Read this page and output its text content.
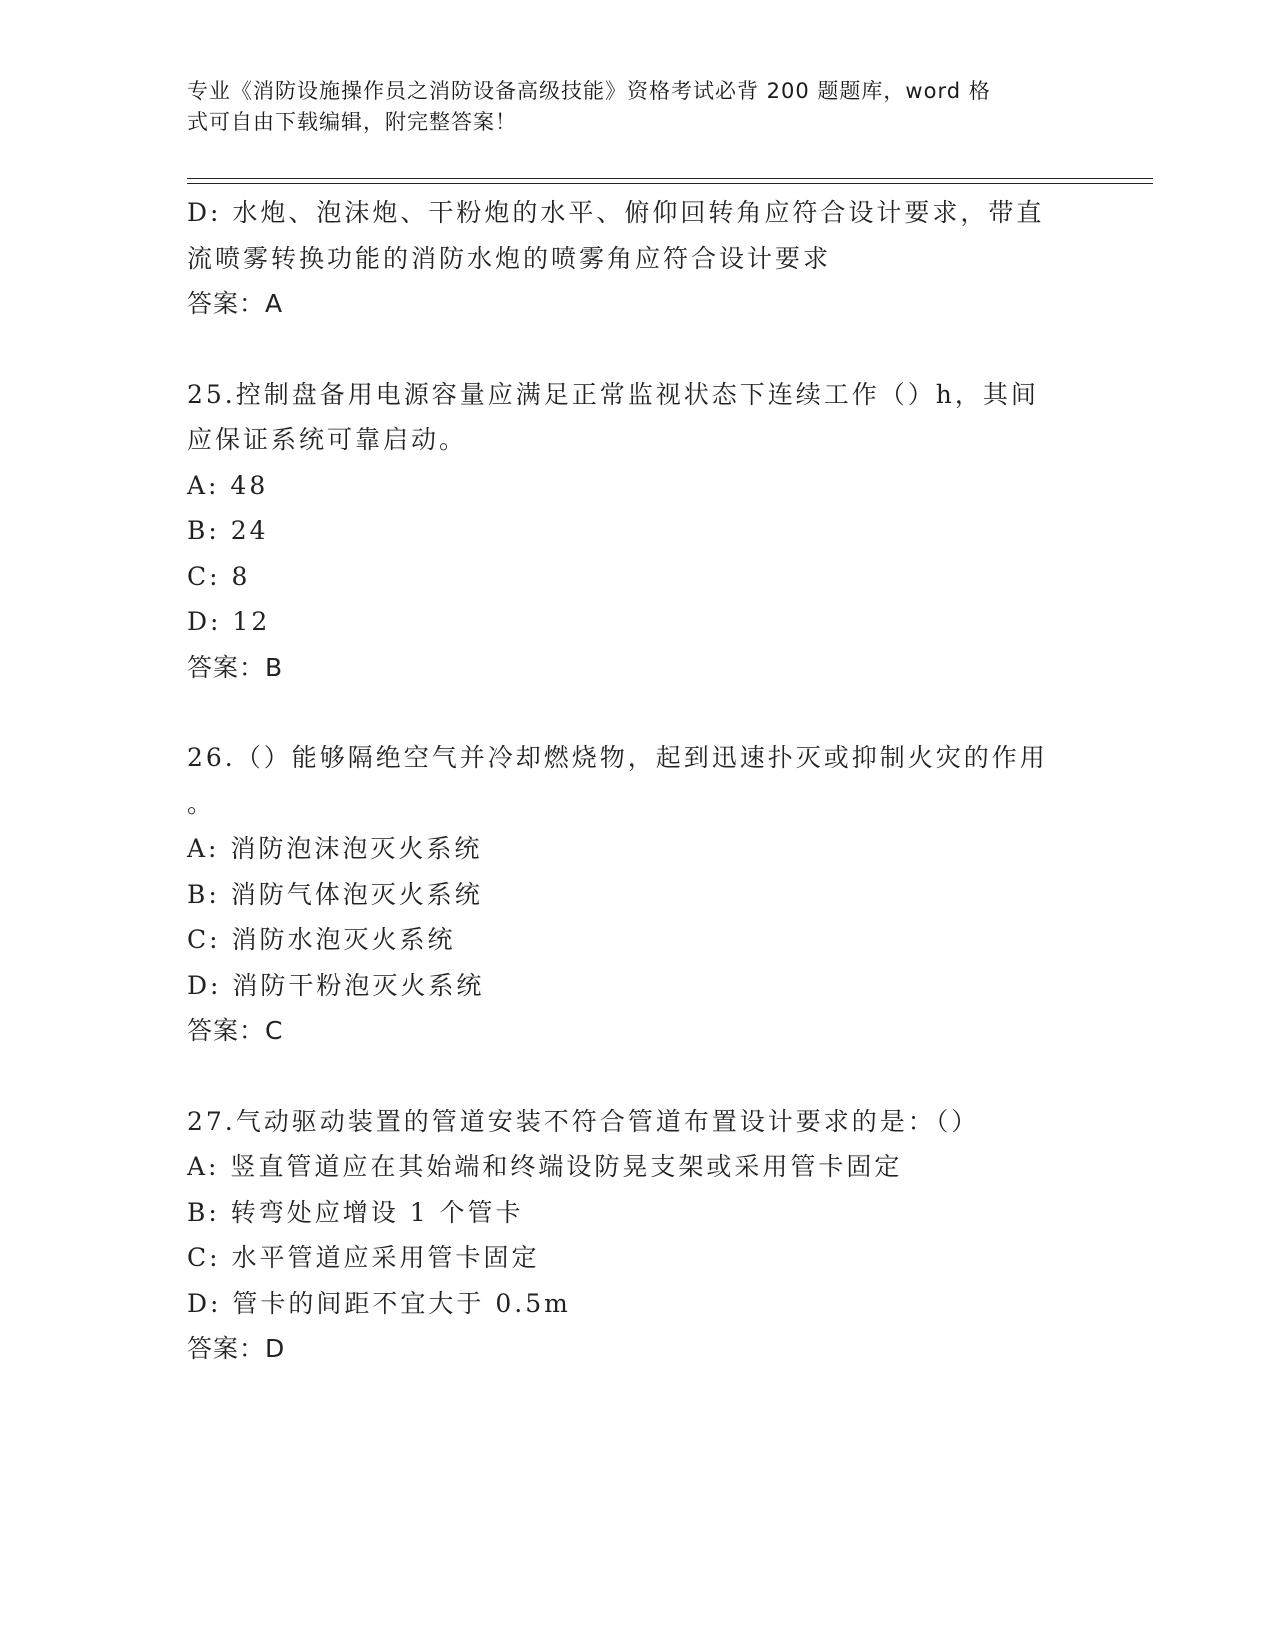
专业《消防设施操作员之消防设备高级技能》资格考试必背 200 题题库，word 格
式可自由下载编辑，附完整答案！
D: 水炮、泡沫炮、干粉炮的水平、俯仰回转角应符合设计要求，带直
流喷雾转换功能的消防水炮的喷雾角应符合设计要求
答案：A
25.控制盘备用电源容量应满足正常监视状态下连续工作（）h，其间
应保证系统可靠启动。
A: 48
B: 24
C: 8
D: 12
答案：B
26.（）能够隔绝空气并冷却燃烧物，起到迅速扑灭或抑制火灾的作用
。
A: 消防泡沫泡灭火系统
B: 消防气体泡灭火系统
C: 消防水泡灭火系统
D: 消防干粉泡灭火系统
答案：C
27.气动驱动装置的管道安装不符合管道布置设计要求的是：（）
A: 竖直管道应在其始端和终端设防晃支架或采用管卡固定
B: 转弯处应增设 1 个管卡
C: 水平管道应采用管卡固定
D: 管卡的间距不宜大于 0.5m
答案：D
